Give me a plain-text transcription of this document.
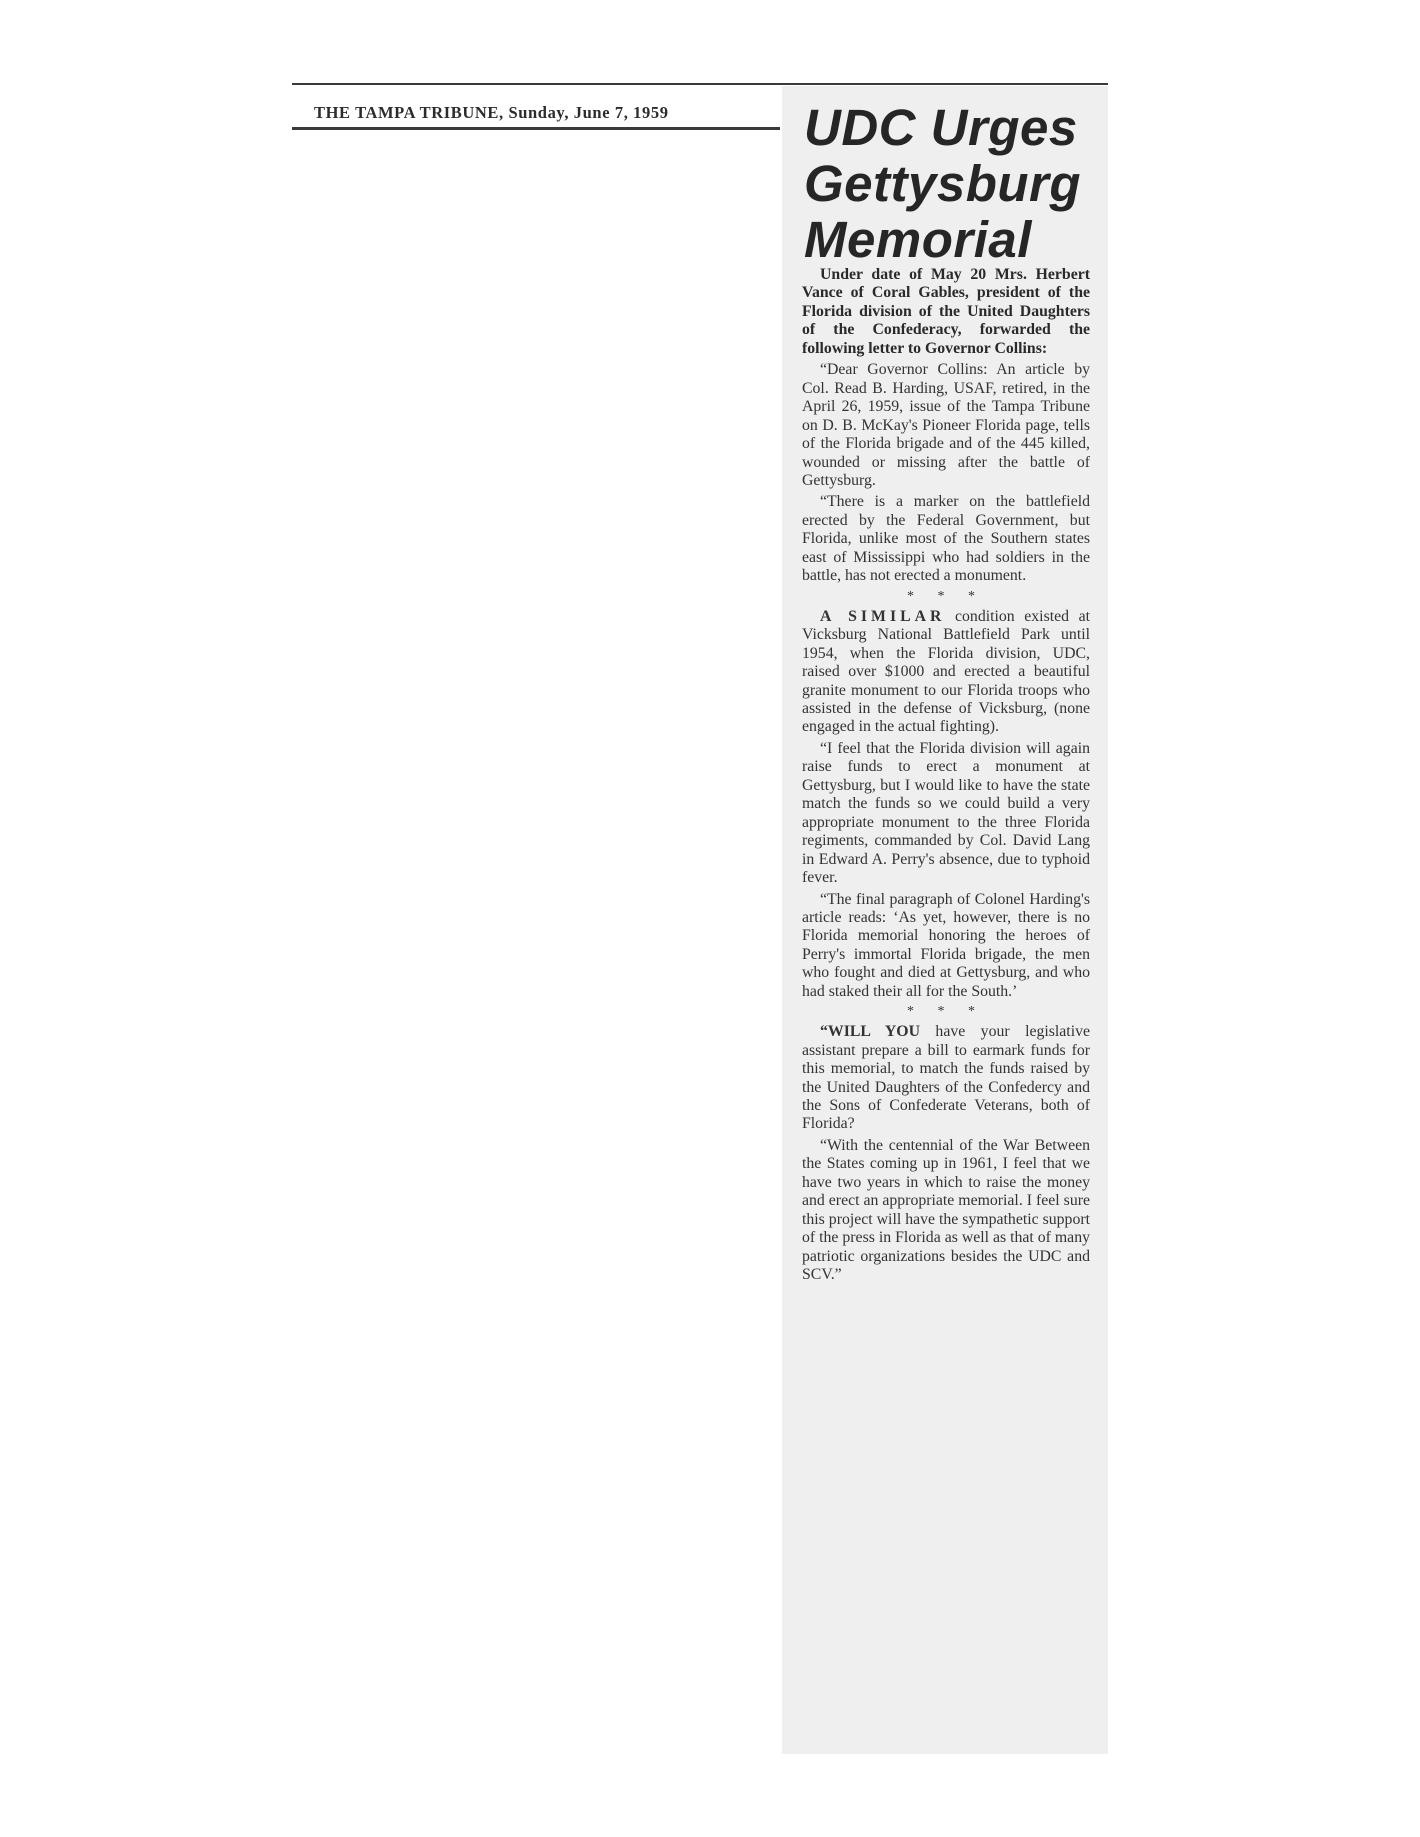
THE TAMPA TRIBUNE, Sunday, June 7, 1959	UDC Urges
Gettysburg
Memorial

Under date of May 20 Mrs. Herbert Vance of Coral Gables, president of the Florida division of the United Daughters of the Confederacy, forwarded the following letter to Governor Collins:

“Dear Governor Collins: An article by Col. Read B. Harding, USAF, retired, in the April 26, 1959, issue of the Tampa Tribune on D. B. McKay's Pioneer Florida page, tells of the Florida brigade and of the 445 killed, wounded or missing after the battle of Gettysburg.

“There is a marker on the battlefield erected by the Federal Government, but Florida, unlike most of the Southern states east of Mississippi who had soldiers in the battle, has not erected a monument.

* * *

A SIMILAR condition existed at Vicksburg National Battlefield Park until 1954, when the Florida division, UDC, raised over $1000 and erected a beautiful granite monument to our Florida troops who assisted in the defense of Vicksburg, (none engaged in the actual fighting).

“I feel that the Florida division will again raise funds to erect a monument at Gettysburg, but I would like to have the state match the funds so we could build a very appropriate monument to the three Florida regiments, commanded by Col. David Lang in Edward A. Perry's absence, due to typhoid fever.

“The final paragraph of Colonel Harding's article reads: ‘As yet, however, there is no Florida memorial honoring the heroes of Perry's immortal Florida brigade, the men who fought and died at Gettysburg, and who had staked their all for the South.’

* * *

“WILL YOU have your legislative assistant prepare a bill to earmark funds for this memorial, to match the funds raised by the United Daughters of the Confedercy and the Sons of Confederate Veterans, both of Florida?

“With the centennial of the War Between the States coming up in 1961, I feel that we have two years in which to raise the money and erect an appropriate memorial. I feel sure this project will have the sympathetic support of the press in Florida as well as that of many patriotic organizations besides the UDC and SCV.”
